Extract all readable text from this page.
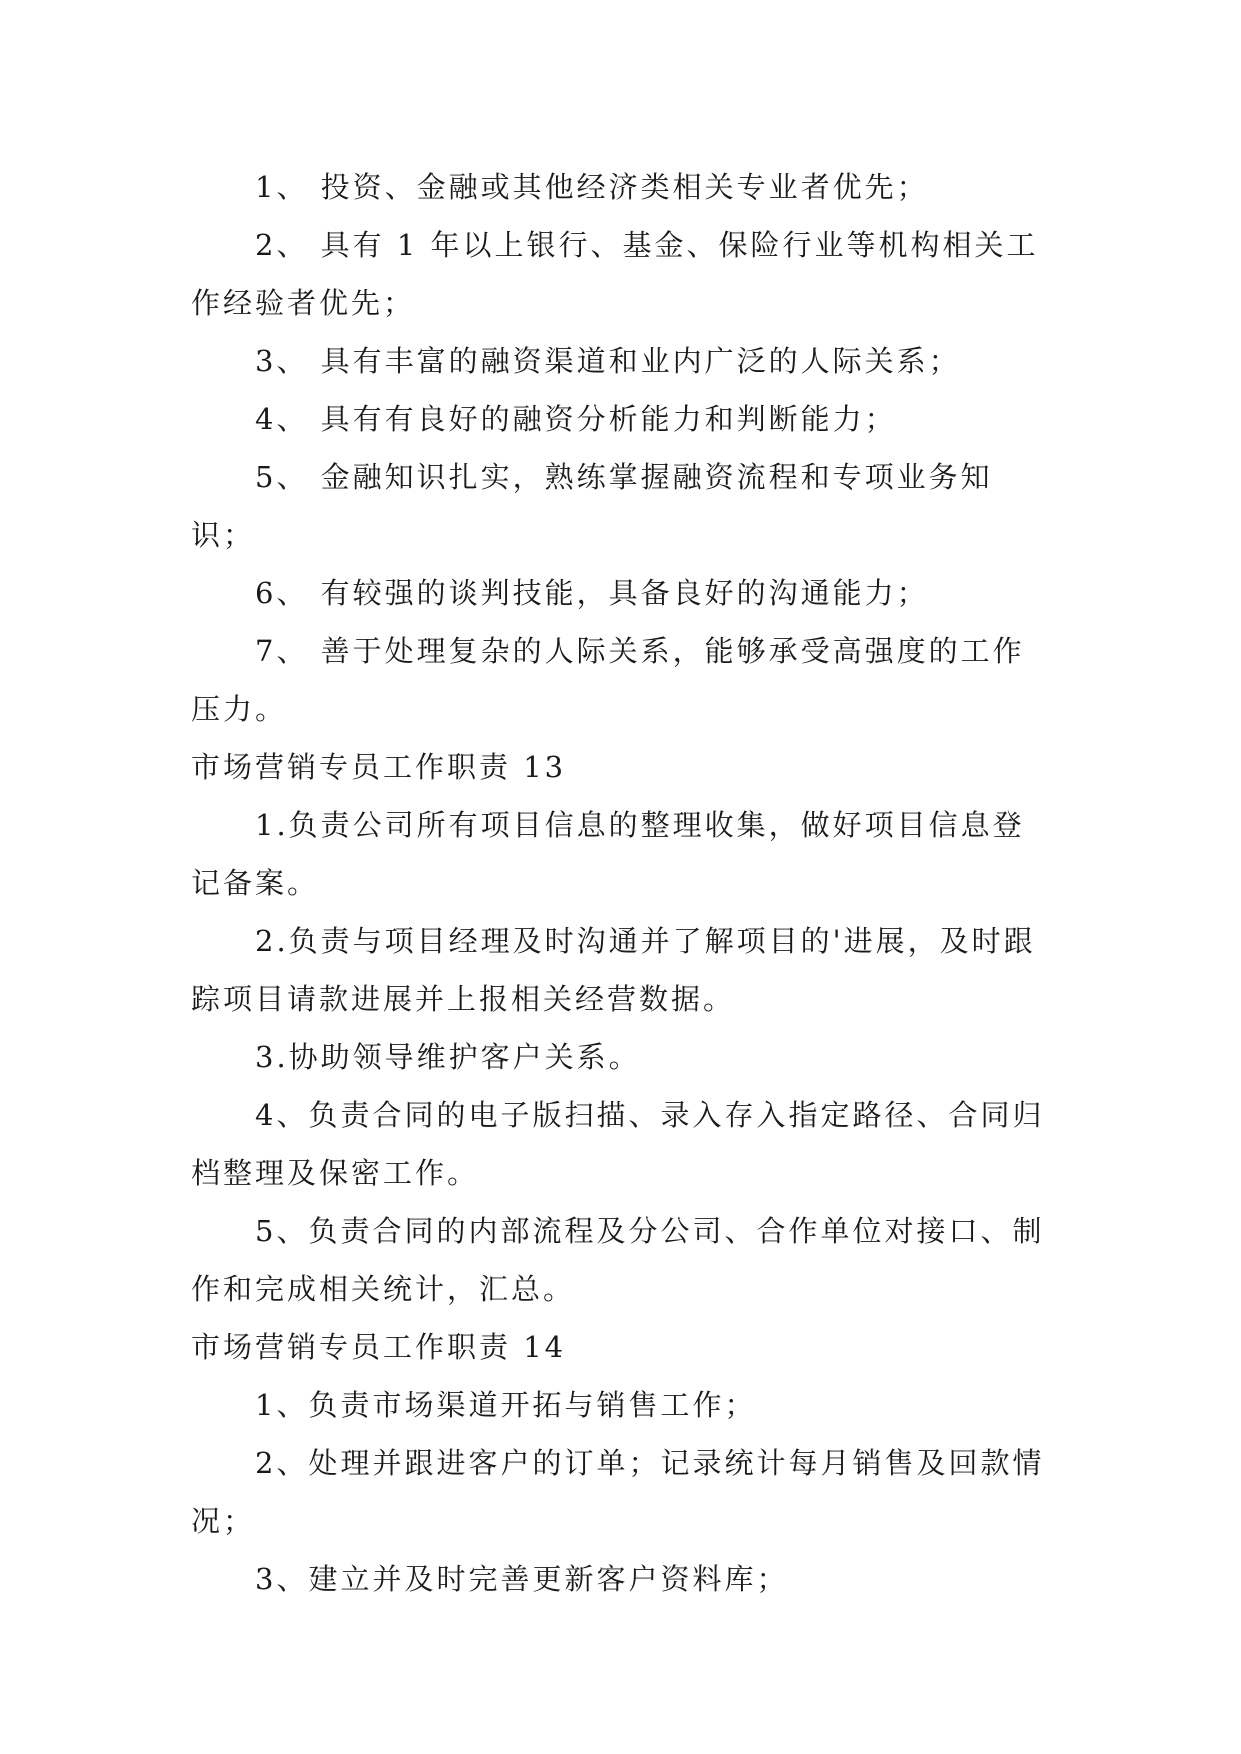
1、 投资、金融或其他经济类相关专业者优先；

2、 具有 1 年以上银行、基金、保险行业等机构相关工作经验者优先；

3、 具有丰富的融资渠道和业内广泛的人际关系；

4、 具有有良好的融资分析能力和判断能力；

5、 金融知识扎实，熟练掌握融资流程和专项业务知识；

6、 有较强的谈判技能，具备良好的沟通能力；

7、 善于处理复杂的人际关系，能够承受高强度的工作压力。

市场营销专员工作职责 13

1.负责公司所有项目信息的整理收集，做好项目信息登记备案。

2.负责与项目经理及时沟通并了解项目的'进展，及时跟踪项目请款进展并上报相关经营数据。

3.协助领导维护客户关系。

4、负责合同的电子版扫描、录入存入指定路径、合同归档整理及保密工作。

5、负责合同的内部流程及分公司、合作单位对接口、制作和完成相关统计，汇总。

市场营销专员工作职责 14

1、负责市场渠道开拓与销售工作；

2、处理并跟进客户的订单；记录统计每月销售及回款情况；

3、建立并及时完善更新客户资料库；
